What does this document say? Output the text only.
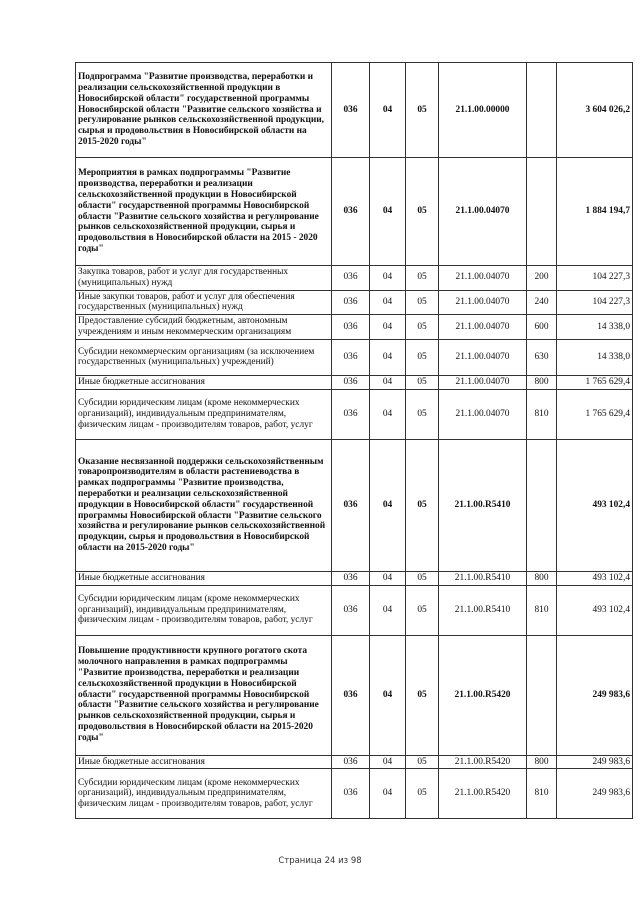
Подпрограмма "Развитие производства, переработки и реализации сельскохозяйственной продукции в Новосибирской области" государственной программы Новосибирской области "Развитие сельского хозяйства и регулирование рынков сельскохозяйственной продукции, сырья и продовольствия в Новосибирской области на 2015-2020 годы"	036	04	05	21.1.00.00000		3 604 026,2
Мероприятия в рамках подпрограммы "Развитие производства, переработки и реализации сельскохозяйственной продукции в Новосибирской области" государственной программы Новосибирской области "Развитие сельского хозяйства и регулирование рынков сельскохозяйственной продукции, сырья и продовольствия в Новосибирской области на 2015 - 2020 годы"	036	04	05	21.1.00.04070		1 884 194,7
Закупка товаров, работ и услуг для государственных (муниципальных) нужд	036	04	05	21.1.00.04070	200	104 227,3
Иные закупки товаров, работ и услуг для обеспечения государственных (муниципальных) нужд	036	04	05	21.1.00.04070	240	104 227,3
Предоставление субсидий бюджетным, автономным учреждениям и иным некоммерческим организациям	036	04	05	21.1.00.04070	600	14 338,0
Субсидии некоммерческим организациям (за исключением государственных (муниципальных) учреждений)	036	04	05	21.1.00.04070	630	14 338,0
Иные бюджетные ассигнования	036	04	05	21.1.00.04070	800	1 765 629,4
Субсидии юридическим лицам (кроме некоммерческих организаций), индивидуальным предпринимателям, физическим лицам - производителям товаров, работ, услуг	036	04	05	21.1.00.04070	810	1 765 629,4
Оказание несвязанной поддержки сельскохозяйственным товаропроизводителям в области растениеводства в рамках подпрограммы "Развитие производства, переработки и реализации сельскохозяйственной продукции в Новосибирской области" государственной программы Новосибирской области "Развитие сельского хозяйства и регулирование рынков сельскохозяйственной продукции, сырья и продовольствия в Новосибирской области на 2015-2020 годы"	036	04	05	21.1.00.R5410		493 102,4
Иные бюджетные ассигнования	036	04	05	21.1.00.R5410	800	493 102,4
Субсидии юридическим лицам (кроме некоммерческих организаций), индивидуальным предпринимателям, физическим лицам - производителям товаров, работ, услуг	036	04	05	21.1.00.R5410	810	493 102,4
Повышение продуктивности крупного рогатого скота молочного направления в рамках подпрограммы "Развитие производства, переработки и реализации сельскохозяйственной продукции в Новосибирской области" государственной программы Новосибирской области "Развитие сельского хозяйства и регулирование рынков сельскохозяйственной продукции, сырья и продовольствия в Новосибирской области на 2015-2020 годы"	036	04	05	21.1.00.R5420		249 983,6
Иные бюджетные ассигнования	036	04	05	21.1.00.R5420	800	249 983,6
Субсидии юридическим лицам (кроме некоммерческих организаций), индивидуальным предпринимателям, физическим лицам - производителям товаров, работ, услуг	036	04	05	21.1.00.R5420	810	249 983,6
Страница 24 из 98
